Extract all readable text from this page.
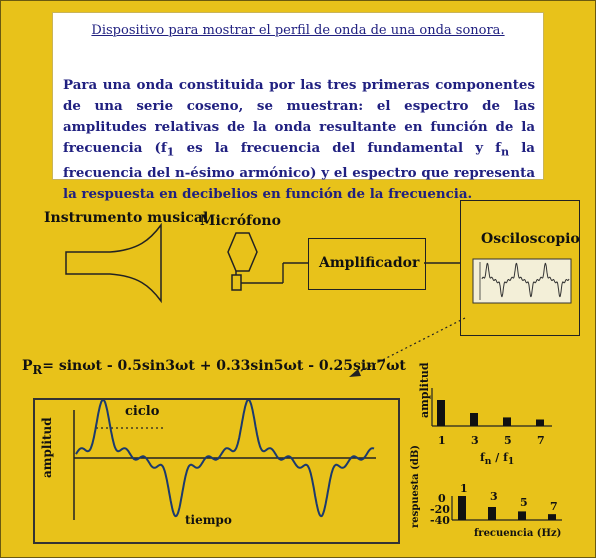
Dispositivo para mostrar el perfil de onda de una onda sonora.
Para una onda constituida por las tres primeras componentes de una serie coseno, se muestran: el espectro de las amplitudes relativas de la onda resultante en función de la frecuencia ($f_1$ es la frecuencia del fundamental y $f_n$ la frecuencia del n-ésimo armónico) y el espectro que representa la respuesta en decibelios en función de la frecuencia.
Instrumento musical
Micrófono
Amplificador
Osciloscopio
$P_R= \sin\omega t - 0.5\sin 3\omega t + 0.33\sin 5\omega t - 0.25\sin 7\omega t$
ciclo
amplitud
tiempo
amplitud
1 3 5 7
$f_n / f_1$
respuesta (dB) 0
-20
-40
1
3 5 7
frecuencia (Hz)
